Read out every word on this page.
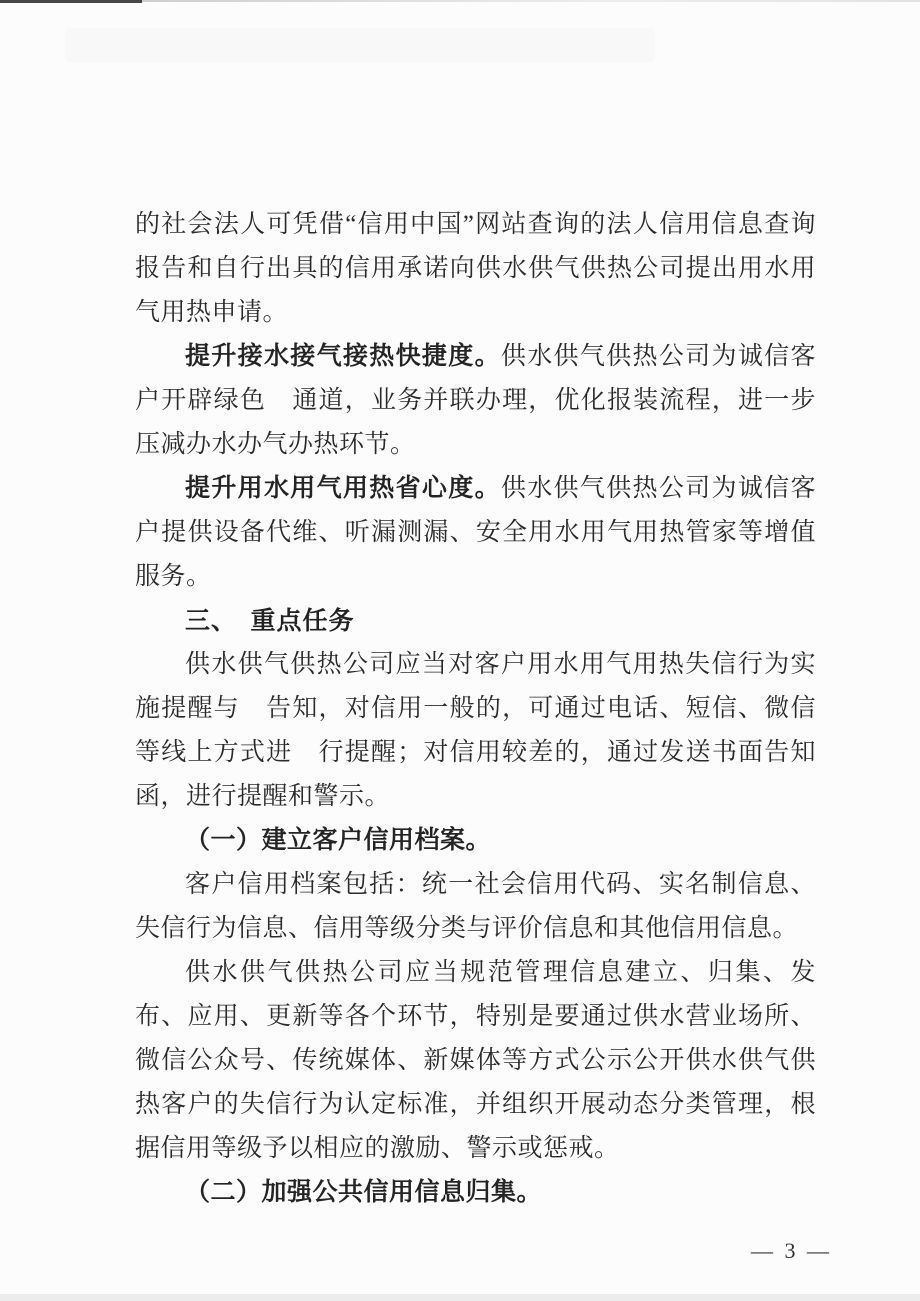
的社会法人可凭借“信用中国”网站查询的法人信用信息查询报告和自行出具的信用承诺向供水供气供热公司提出用水用气用热申请。

提升接水接气接热快捷度。供水供气供热公司为诚信客户开辟绿色　通道，业务并联办理，优化报装流程，进一步压减办水办气办热环节。

提升用水用气用热省心度。供水供气供热公司为诚信客户提供设备代维、听漏测漏、安全用水用气用热管家等增值服务。

三、　重点任务

供水供气供热公司应当对客户用水用气用热失信行为实施提醒与　告知，对信用一般的，可通过电话、短信、微信等线上方式进　行提醒；对信用较差的，通过发送书面告知函，进行提醒和警示。

（一）建立客户信用档案。

客户信用档案包括：统一社会信用代码、实名制信息、失信行为信息、信用等级分类与评价信息和其他信用信息。

供水供气供热公司应当规范管理信息建立、归集、发布、应用、更新等各个环节，特别是要通过供水营业场所、微信公众号、传统媒体、新媒体等方式公示公开供水供气供热客户的失信行为认定标准，并组织开展动态分类管理，根据信用等级予以相应的激励、警示或惩戒。

（二）加强公共信用信息归集。

— 3 —
